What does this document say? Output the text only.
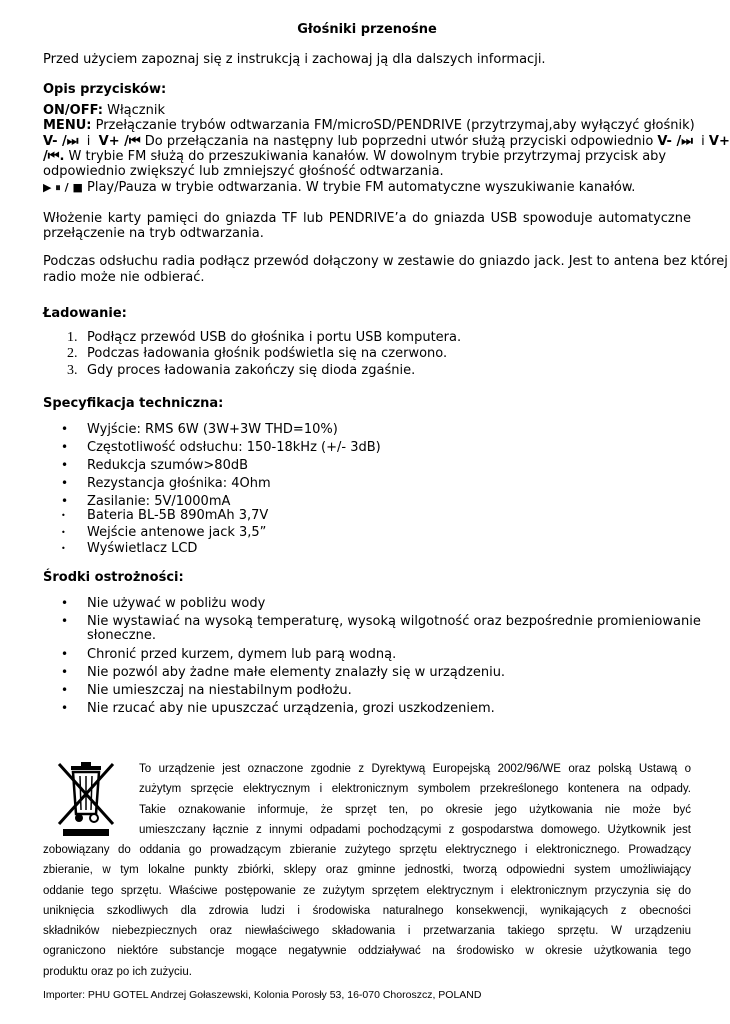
Głośniki przenośne
Przed użyciem zapoznaj się z instrukcją i zachowaj ją dla dalszych informacji.
Opis przycisków:
ON/OFF: Włącznik
MENU: Przełączanie trybów odtwarzania FM/microSD/PENDRIVE (przytrzymaj,aby wyłączyć głośnik)
V- /⏭  i  V+ /⏮ Do przełączania na następny lub poprzedni utwór służą przyciski odpowiednio V- /⏭  i V+
/⏮. W trybie FM służą do przeszukiwania kanałów. W dowolnym trybie przytrzymaj przycisk aby
odpowiednio zwiększyć lub zmniejszyć głośność odtwarzania.
▶ ⏸ / ■ Play/Pauza w trybie odtwarzania. W trybie FM automatyczne wyszukiwanie kanałów.
Włożenie karty pamięci do gniazda TF lub PENDRIVE’a do gniazda USB spowoduje automatyczne
przełączenie na tryb odtwarzania.
Podczas odsłuchu radia podłącz przewód dołączony w zestawie do gniazdo jack. Jest to antena bez której
radio może nie odbierać.
Ładowanie:
1. Podłącz przewód USB do głośnika i portu USB komputera.
2. Podczas ładowania głośnik podświetla się na czerwono.
3. Gdy proces ładowania zakończy się dioda zgaśnie.
Specyfikacja techniczna:
• Wyjście: RMS 6W (3W+3W THD=10%)
• Częstotliwość odsłuchu: 150-18kHz (+/- 3dB)
• Redukcja szumów>80dB
• Rezystancja głośnika: 4Ohm
• Zasilanie: 5V/1000mA
• Bateria BL-5B 890mAh 3,7V
• Wejście antenowe jack 3,5”
• Wyświetlacz LCD
Środki ostrożności:
• Nie używać w pobliżu wody
• Nie wystawiać na wysoką temperaturę, wysoką wilgotność oraz bezpośrednie promieniowanie
słoneczne.
• Chronić przed kurzem, dymem lub parą wodną.
• Nie pozwól aby żadne małe elementy znalazły się w urządzeniu.
• Nie umieszczaj na niestabilnym podłożu.
• Nie rzucać aby nie upuszczać urządzenia, grozi uszkodzeniem.
To urządzenie jest oznaczone zgodnie z Dyrektywą Europejską 2002/96/WE oraz polską Ustawą o
zużytym sprzęcie elektrycznym i elektronicznym symbolem przekreślonego kontenera na odpady.
Takie oznakowanie informuje, że sprzęt ten, po okresie jego użytkowania nie może być
umieszczany łącznie z innymi odpadami pochodzącymi z gospodarstwa domowego. Użytkownik jest
zobowiązany do oddania go prowadzącym zbieranie zużytego sprzętu elektrycznego i elektronicznego. Prowadzący
zbieranie, w tym lokalne punkty zbiórki, sklepy oraz gminne jednostki, tworzą odpowiedni system umożliwiający
oddanie tego sprzętu. Właściwe postępowanie ze zużytym sprzętem elektrycznym i elektronicznym przyczynia się do
uniknięcia szkodliwych dla zdrowia ludzi i środowiska naturalnego konsekwencji, wynikających z obecności
składników niebezpiecznych oraz niewłaściwego składowania i przetwarzania takiego sprzętu. W urządzeniu
ograniczono niektóre substancje mogące negatywnie oddziaływać na środowisko w okresie użytkowania tego
produktu oraz po ich zużyciu.
Importer: PHU GOTEL Andrzej Gołaszewski, Kolonia Porosły 53, 16-070 Choroszcz, POLAND
